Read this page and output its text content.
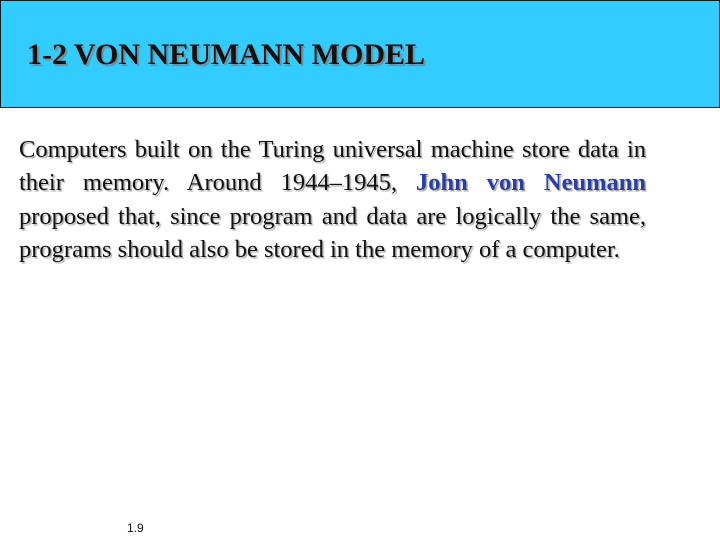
1-2 VON NEUMANN MODEL

Computers built on the Turing universal machine store data in their memory. Around 1944–1945, John von Neumann proposed that, since program and data are logically the same, programs should also be stored in the memory of a computer.

1.9
